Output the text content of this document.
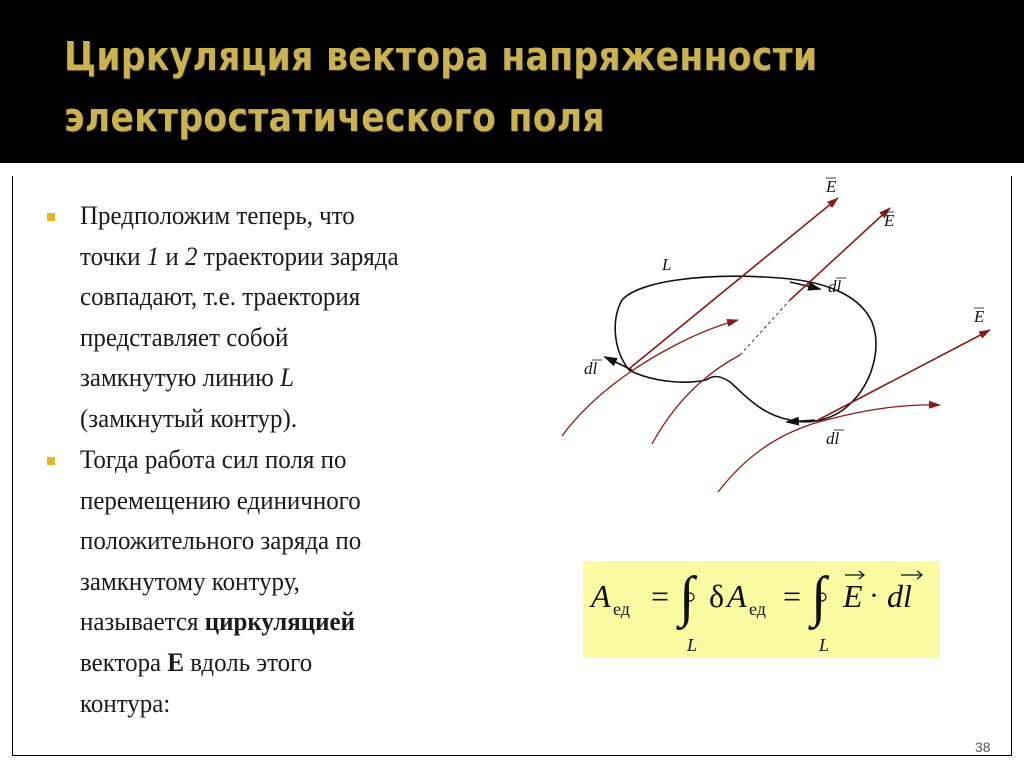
Циркуляция вектора напряженности
электростатического поля
Предположим теперь, что
точки 1 и 2 траектории заряда
совпадают, т.е. траектория
представляет собой
замкнутую линию L
(замкнутый контур).
Тогда работа сил поля по
перемещению единичного
положительного заряда по
замкнутому контуру,
называется циркуляцией
вектора E вдоль этого
контура:
E
E
E
L
dl
dl
dl
A ед = ∫
L
δ A ед = ∫
L
E · dl
38
